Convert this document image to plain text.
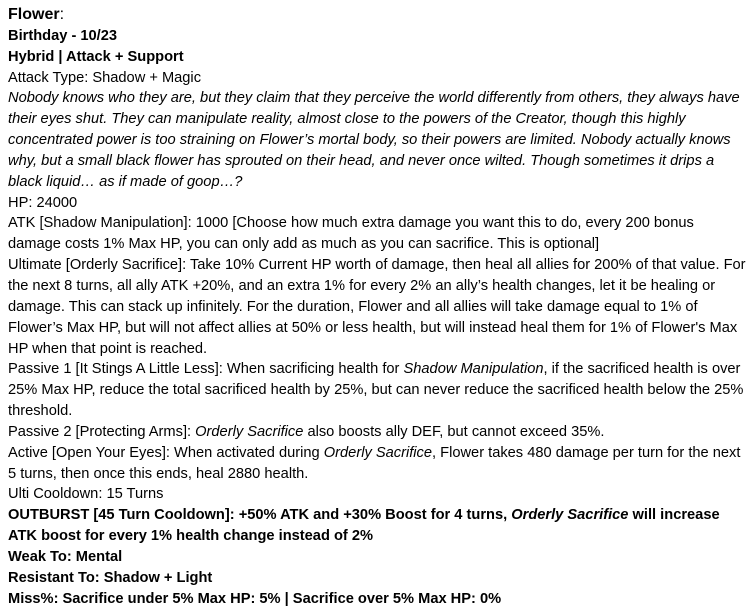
Flower:
Birthday - 10/23
Hybrid | Attack + Support
Attack Type: Shadow + Magic
Nobody knows who they are, but they claim that they perceive the world differently from others, they always have their eyes shut. They can manipulate reality, almost close to the powers of the Creator, though this highly concentrated power is too straining on Flower’s mortal body, so their powers are limited. Nobody actually knows why, but a small black flower has sprouted on their head, and never once wilted. Though sometimes it drips a black liquid… as if made of goop…?
HP: 24000
ATK [Shadow Manipulation]: 1000 [Choose how much extra damage you want this to do, every 200 bonus damage costs 1% Max HP, you can only add as much as you can sacrifice. This is optional]
Ultimate [Orderly Sacrifice]: Take 10% Current HP worth of damage, then heal all allies for 200% of that value. For the next 8 turns, all ally ATK +20%, and an extra 1% for every 2% an ally’s health changes, let it be healing or damage. This can stack up infinitely. For the duration, Flower and all allies will take damage equal to 1% of Flower’s Max HP, but will not affect allies at 50% or less health, but will instead heal them for 1% of Flower's Max HP when that point is reached.
Passive 1 [It Stings A Little Less]: When sacrificing health for Shadow Manipulation, if the sacrificed health is over 25% Max HP, reduce the total sacrificed health by 25%, but can never reduce the sacrificed health below the 25% threshold.
Passive 2 [Protecting Arms]: Orderly Sacrifice also boosts ally DEF, but cannot exceed 35%.
Active [Open Your Eyes]: When activated during Orderly Sacrifice, Flower takes 480 damage per turn for the next 5 turns, then once this ends, heal 2880 health.
Ulti Cooldown: 15 Turns
OUTBURST [45 Turn Cooldown]: +50% ATK and +30% Boost for 4 turns, Orderly Sacrifice will increase ATK boost for every 1% health change instead of 2%
Weak To: Mental
Resistant To: Shadow + Light
Miss%: Sacrifice under 5% Max HP: 5% | Sacrifice over 5% Max HP: 0%
